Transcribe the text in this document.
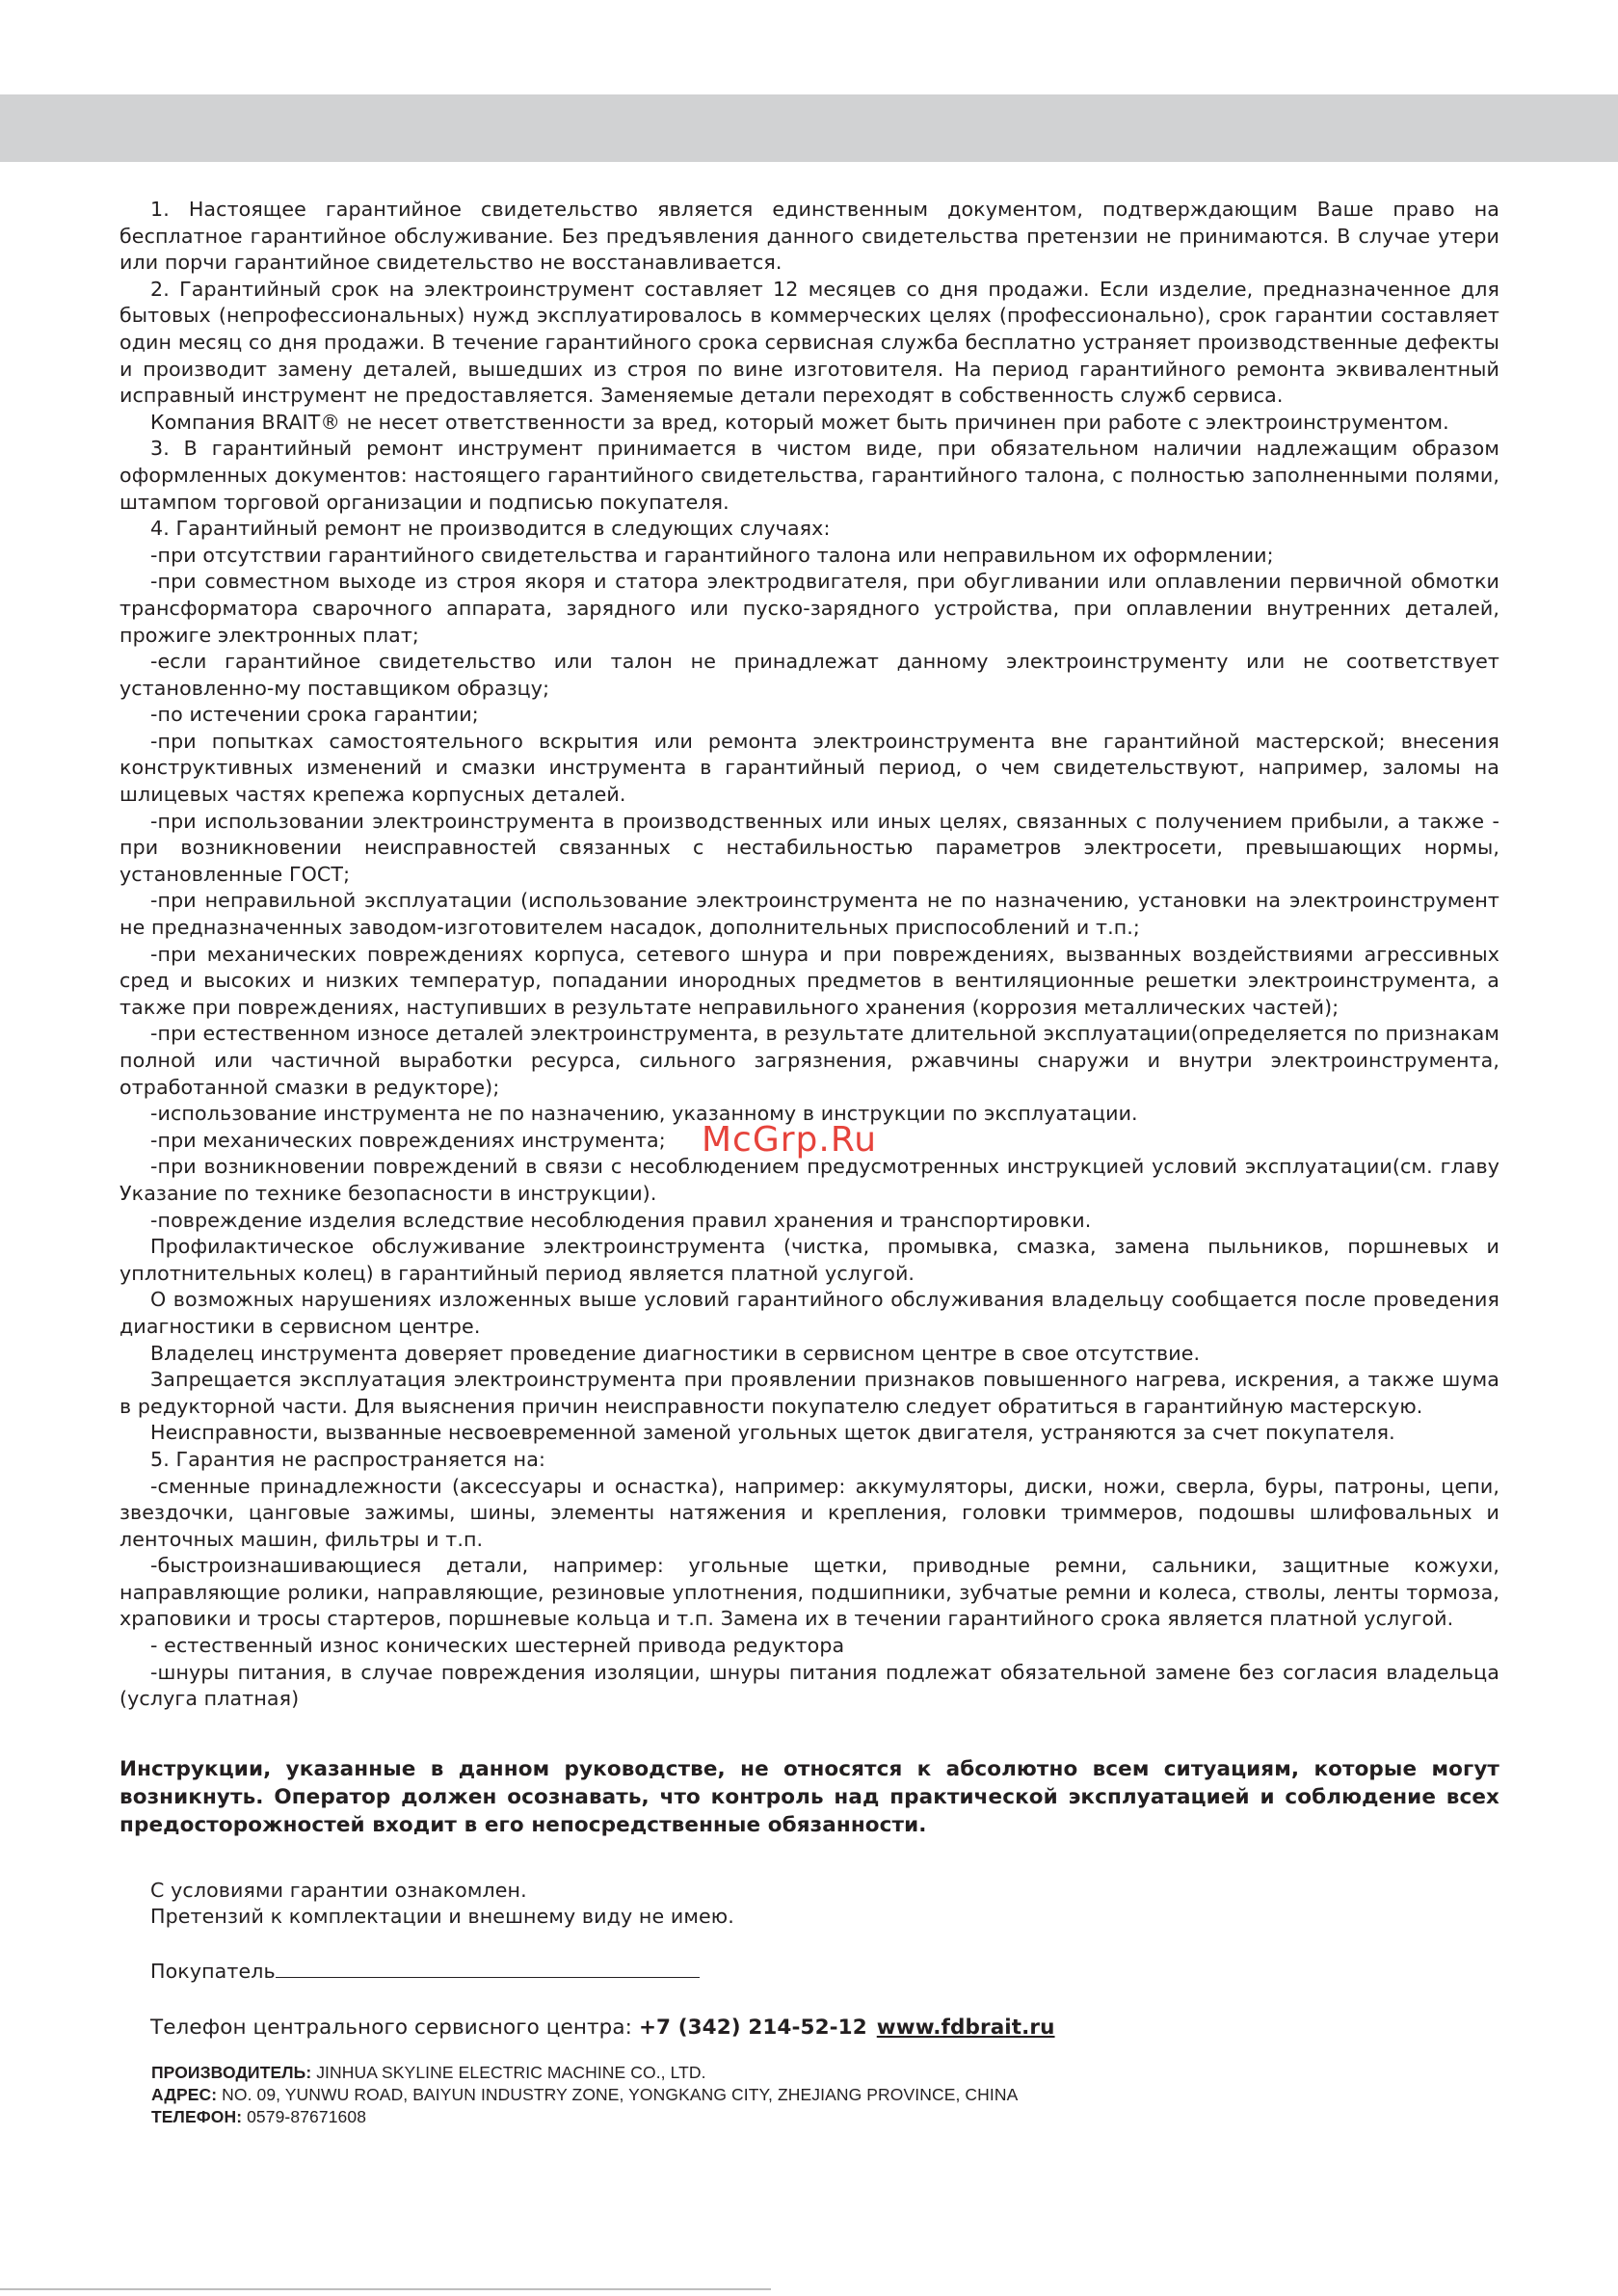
1. Настоящее гарантийное свидетельство является единственным документом, подтверждающим Ваше право на бесплатное гарантийное обслуживание. Без предъявления данного свидетельства претензии не принимаются. В случае утери или порчи гарантийное свидетельство не восстанавливается.

2. Гарантийный срок на электроинструмент составляет 12 месяцев со дня продажи. Если изделие, предназначенное для бытовых (непрофессиональных) нужд эксплуатировалось в коммерческих целях (профессионально), срок гарантии составляет один месяц со дня продажи. В течение гарантийного срока сервисная служба бесплатно устраняет производственные дефекты и производит замену деталей, вышедших из строя по вине изготовителя. На период гарантийного ремонта эквивалентный исправный инструмент не предоставляется. Заменяемые детали переходят в собственность служб сервиса.

Компания BRAIT® не несет ответственности за вред, который может быть причинен при работе с электроинструментом.

3. В гарантийный ремонт инструмент принимается в чистом виде, при обязательном наличии надлежащим образом оформленных документов: настоящего гарантийного свидетельства, гарантийного талона, с полностью заполненными полями, штампом торговой организации и подписью покупателя.

4. Гарантийный ремонт не производится в следующих случаях:

-при отсутствии гарантийного свидетельства и гарантийного талона или неправильном их оформлении;

-при совместном выходе из строя якоря и статора электродвигателя, при обугливании или оплавлении первичной обмотки трансформатора сварочного аппарата, зарядного или пуско-зарядного устройства, при оплавлении внутренних деталей, прожиге электронных плат;

-если гарантийное свидетельство или талон не принадлежат данному электроинструменту или не соответствует установленно-му поставщиком образцу;

-по истечении срока гарантии;

-при попытках самостоятельного вскрытия или ремонта электроинструмента вне гарантийной мастерской; внесения конструктивных изменений и смазки инструмента в гарантийный период, о чем свидетельствуют, например, заломы на шлицевых частях крепежа корпусных деталей.

-при использовании электроинструмента в производственных или иных целях, связанных с получением прибыли, а также - при возникновении неисправностей связанных с нестабильностью параметров электросети, превышающих нормы, установленные ГОСТ;

-при неправильной эксплуатации (использование электроинструмента не по назначению, установки на электроинструмент не предназначенных заводом-изготовителем насадок, дополнительных приспособлений и т.п.;

-при механических повреждениях корпуса, сетевого шнура и при повреждениях, вызванных воздействиями агрессивных сред и высоких и низких температур, попадании инородных предметов в вентиляционные решетки электроинструмента, а также при повреждениях, наступивших в результате неправильного хранения (коррозия металлических частей);

-при естественном износе деталей электроинструмента, в результате длительной эксплуатации(определяется по признакам полной или частичной выработки ресурса, сильного загрязнения, ржавчины снаружи и внутри электроинструмента, отработанной смазки в редукторе);

-использование инструмента не по назначению, указанному в инструкции по эксплуатации.

-при механических повреждениях инструмента;

-при возникновении повреждений в связи с несоблюдением предусмотренных инструкцией условий эксплуатации(см. главу Указание по технике безопасности в инструкции).

-повреждение изделия вследствие несоблюдения правил хранения и транспортировки.

Профилактическое обслуживание электроинструмента (чистка, промывка, смазка, замена пыльников, поршневых и уплотнительных колец) в гарантийный период является платной услугой.

О возможных нарушениях изложенных выше условий гарантийного обслуживания владельцу сообщается после проведения диагностики в сервисном центре.

Владелец инструмента доверяет проведение диагностики в сервисном центре в свое отсутствие.

Запрещается эксплуатация электроинструмента при проявлении признаков повышенного нагрева, искрения, а также шума в редукторной части. Для выяснения причин неисправности покупателю следует обратиться в гарантийную мастерскую.

Неисправности, вызванные несвоевременной заменой угольных щеток двигателя, устраняются за счет покупателя.

5. Гарантия не распространяется на:

-сменные принадлежности (аксессуары и оснастка), например: аккумуляторы, диски, ножи, сверла, буры, патроны, цепи, звездочки, цанговые зажимы, шины, элементы натяжения и крепления, головки триммеров, подошвы шлифовальных и ленточных машин, фильтры и т.п.

-быстроизнашивающиеся детали, например: угольные щетки, приводные ремни, сальники, защитные кожухи, направляющие ролики, направляющие, резиновые уплотнения, подшипники, зубчатые ремни и колеса, стволы, ленты тормоза, храповики и тросы стартеров, поршневые кольца и т.п. Замена их в течении гарантийного срока является платной услугой.

- естественный износ конических шестерней привода редуктора

-шнуры питания, в случае повреждения изоляции, шнуры питания подлежат обязательной замене без согласия владельца (услуга платная)

Инструкции, указанные в данном руководстве, не относятся к абсолютно всем ситуациям, которые могут возникнуть. Оператор должен осознавать, что контроль над практической эксплуатацией и соблюдение всех предосторожностей входит в его непосредственные обязанности.

С условиями гарантии ознакомлен.

Претензий к комплектации и внешнему виду не имею.

Покупатель
Телефон центрального сервисного центра: +7 (342) 214-52-12 www.fdbrait.ru
ПРОИЗВОДИТЕЛЬ: JINHUA SKYLINE ELECTRIC MACHINE CO., LTD.
АДРЕС: NO. 09, YUNWU ROAD, BAIYUN INDUSTRY ZONE, YONGKANG CITY, ZHEJIANG PROVINCE, CHINA
ТЕЛЕФОН: 0579-87671608
McGrp.Ru
